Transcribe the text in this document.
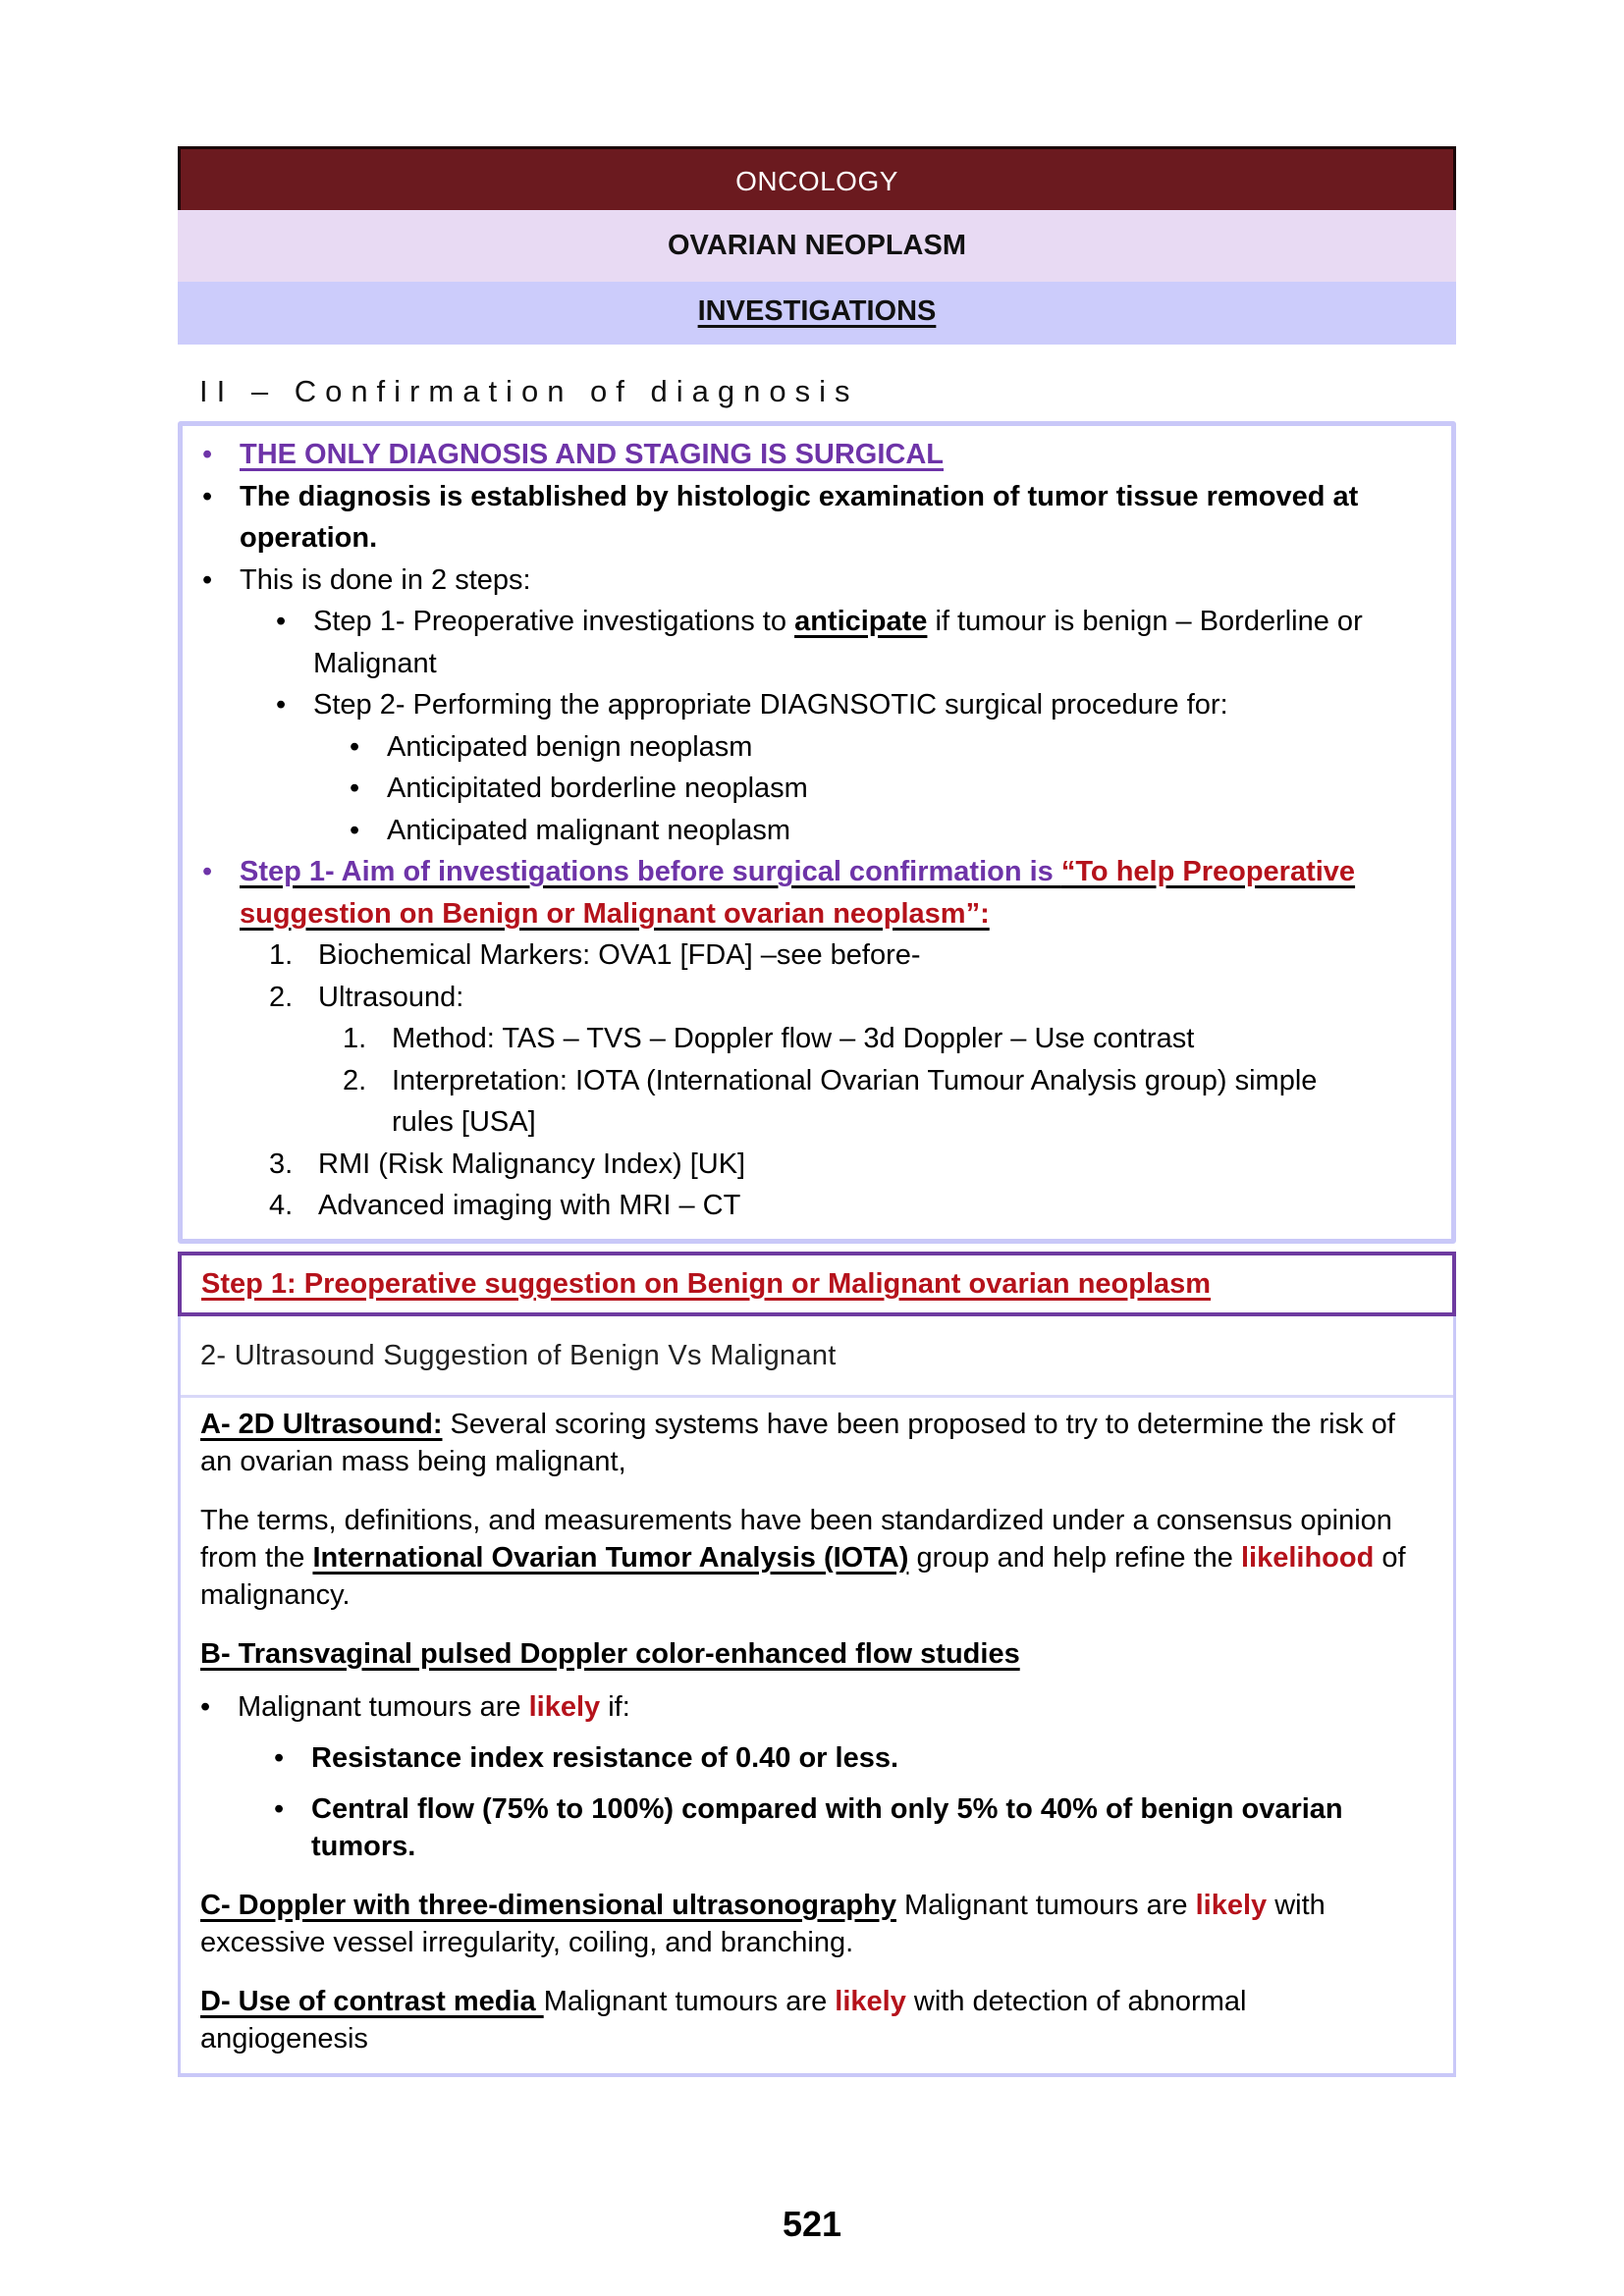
ONCOLOGY
OVARIAN NEOPLASM
INVESTIGATIONS
II – Confirmation of diagnosis
• THE ONLY DIAGNOSIS AND STAGING IS SURGICAL
• The diagnosis is established by histologic examination of tumor tissue removed at
operation.
• This is done in 2 steps:
• Step 1- Preoperative investigations to anticipate if tumour is benign – Borderline or
Malignant
• Step 2- Performing the appropriate DIAGNSOTIC surgical procedure for:
• Anticipated benign neoplasm
• Anticipitated borderline neoplasm
• Anticipated malignant neoplasm
• Step 1- Aim of investigations before surgical confirmation is “To help Preoperative
suggestion on Benign or Malignant ovarian neoplasm”:
1. Biochemical Markers: OVA1 [FDA] –see before-
2. Ultrasound:
1. Method: TAS – TVS – Doppler flow – 3d Doppler – Use contrast
2. Interpretation: IOTA (International Ovarian Tumour Analysis group) simple
rules [USA]
3. RMI (Risk Malignancy Index) [UK]
4. Advanced imaging with MRI – CT
Step 1: Preoperative suggestion on Benign or Malignant ovarian neoplasm
2- Ultrasound Suggestion of Benign Vs Malignant

A- 2D Ultrasound: Several scoring systems have been proposed to try to determine the risk of an ovarian mass being malignant,

The terms, definitions, and measurements have been standardized under a consensus opinion from the International Ovarian Tumor Analysis (IOTA) group and help refine the likelihood of malignancy.

B- Transvaginal pulsed Doppler color-enhanced flow studies

• Malignant tumours are likely if:
• Resistance index resistance of 0.40 or less.
• Central flow (75% to 100%) compared with only 5% to 40% of benign ovarian tumors.

C- Doppler with three-dimensional ultrasonography Malignant tumours are likely with excessive vessel irregularity, coiling, and branching.

D- Use of contrast media Malignant tumours are likely with detection of abnormal angiogenesis

521
